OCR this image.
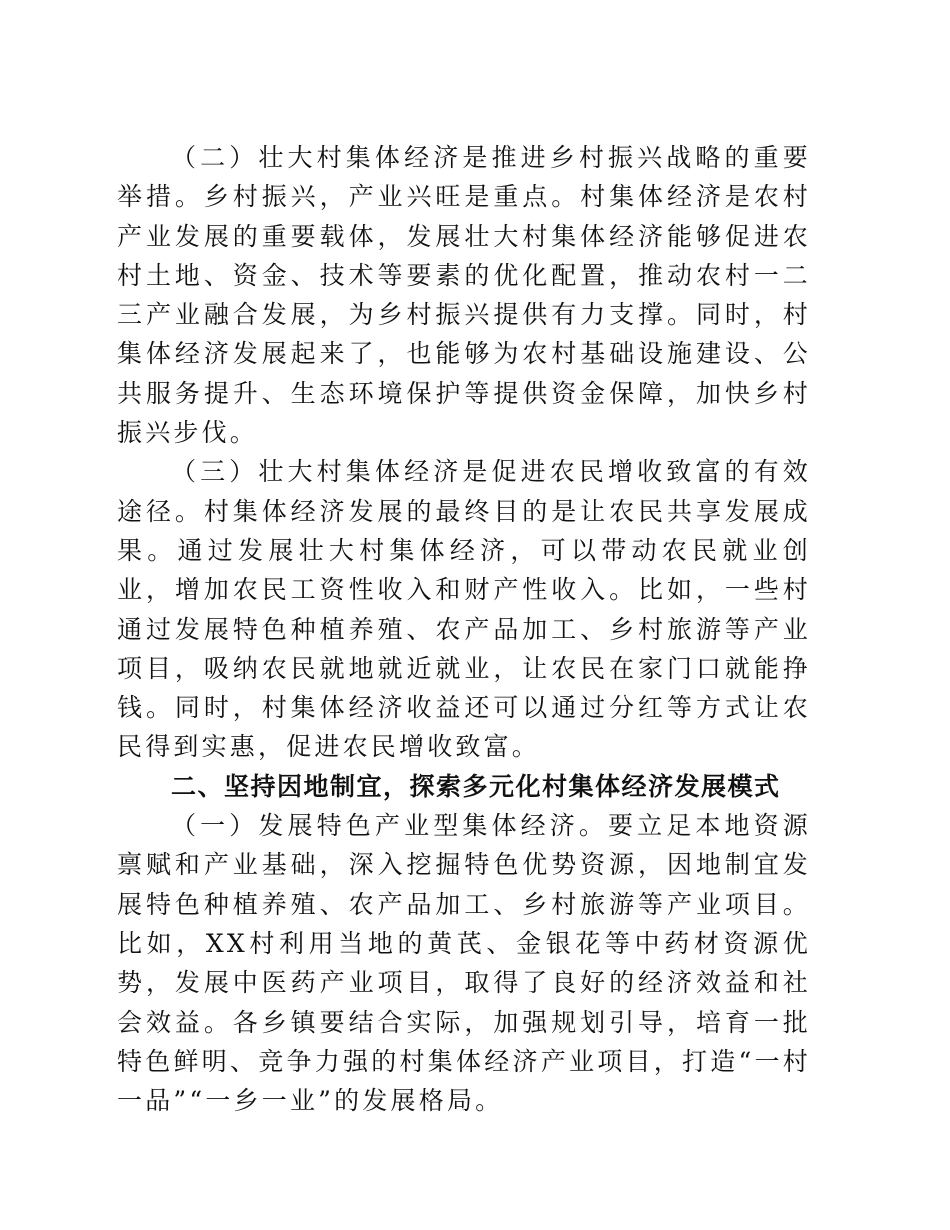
（二）壮大村集体经济是推进乡村振兴战略的重要举措。乡村振兴，产业兴旺是重点。村集体经济是农村产业发展的重要载体，发展壮大村集体经济能够促进农村土地、资金、技术等要素的优化配置，推动农村一二三产业融合发展，为乡村振兴提供有力支撑。同时，村集体经济发展起来了，也能够为农村基础设施建设、公共服务提升、生态环境保护等提供资金保障，加快乡村振兴步伐。

（三）壮大村集体经济是促进农民增收致富的有效途径。村集体经济发展的最终目的是让农民共享发展成果。通过发展壮大村集体经济，可以带动农民就业创业，增加农民工资性收入和财产性收入。比如，一些村通过发展特色种植养殖、农产品加工、乡村旅游等产业项目，吸纳农民就地就近就业，让农民在家门口就能挣钱。同时，村集体经济收益还可以通过分红等方式让农民得到实惠，促进农民增收致富。

二、坚持因地制宜，探索多元化村集体经济发展模式

（一）发展特色产业型集体经济。要立足本地资源禀赋和产业基础，深入挖掘特色优势资源，因地制宜发展特色种植养殖、农产品加工、乡村旅游等产业项目。比如，XX村利用当地的黄芪、金银花等中药材资源优势，发展中医药产业项目，取得了良好的经济效益和社会效益。各乡镇要结合实际，加强规划引导，培育一批特色鲜明、竞争力强的村集体经济产业项目，打造“一村一品”“一乡一业”的发展格局。
